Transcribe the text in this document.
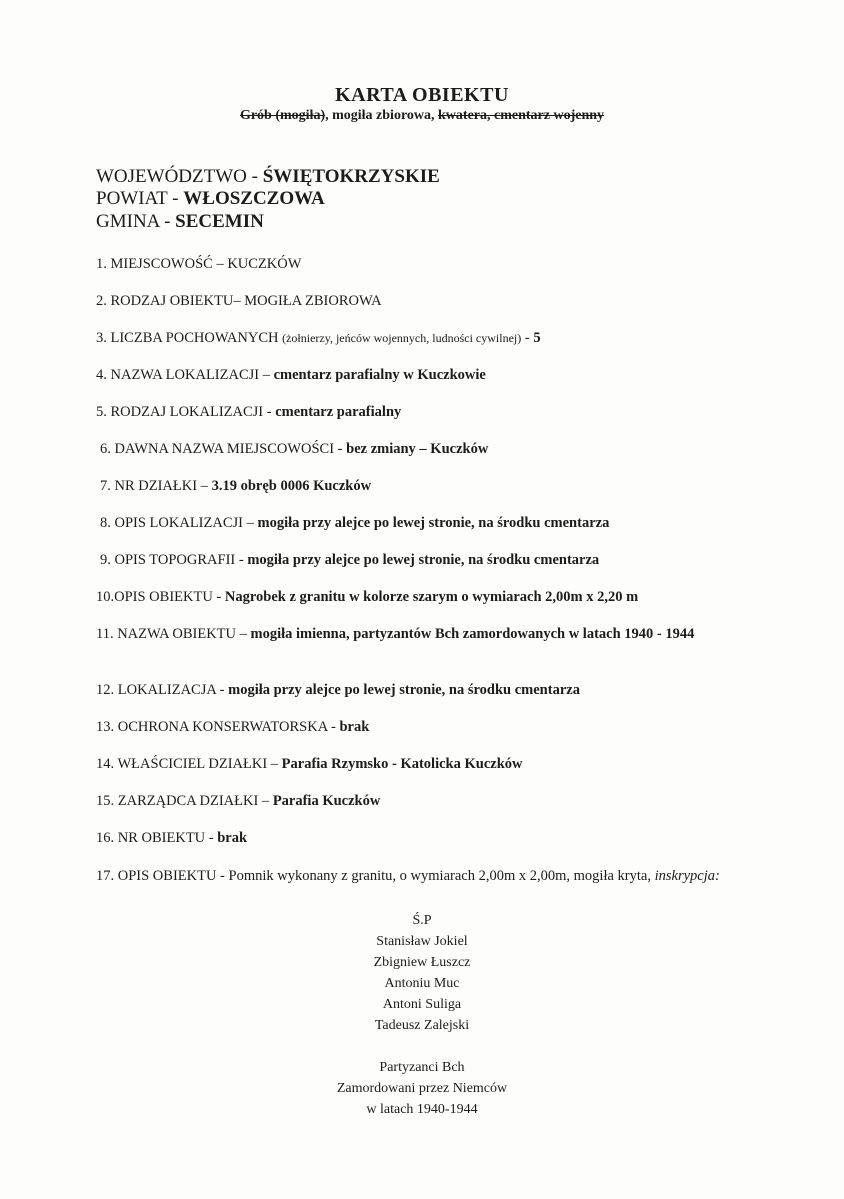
KARTA OBIEKTU
Grób (mogiła), mogiła zbiorowa, kwatera, cmentarz wojenny
WOJEWÓDZTWO - ŚWIĘTOKRZYSKIE
POWIAT - WŁOSZCZOWA
GMINA - SECEMIN
1. MIEJSCOWOŚĆ – KUCZKÓW
2. RODZAJ OBIEKTU– MOGIŁA ZBIOROWA
3. LICZBA POCHOWANYCH (żołnierzy, jeńców wojennych, ludności cywilnej) - 5
4. NAZWA LOKALIZACJI – cmentarz parafialny w Kuczkowie
5. RODZAJ LOKALIZACJI - cmentarz parafialny
6. DAWNA NAZWA MIEJSCOWOŚCI - bez zmiany – Kuczków
7. NR DZIAŁKI – 3.19 obręb 0006 Kuczków
8. OPIS LOKALIZACJI – mogiła przy alejce po lewej stronie, na środku cmentarza
9. OPIS TOPOGRAFII - mogiła przy alejce po lewej stronie, na środku cmentarza
10.OPIS OBIEKTU - Nagrobek z granitu w kolorze szarym o wymiarach 2,00m x 2,20 m
11. NAZWA OBIEKTU – mogiła imienna, partyzantów Bch zamordowanych w latach 1940 - 1944
12. LOKALIZACJA - mogiła przy alejce po lewej stronie, na środku cmentarza
13. OCHRONA KONSERWATORSKA - brak
14. WŁAŚCICIEL DZIAŁKI – Parafia Rzymsko - Katolicka Kuczków
15. ZARZĄDCA DZIAŁKI – Parafia Kuczków
16. NR OBIEKTU - brak
17. OPIS OBIEKTU - Pomnik wykonany z granitu, o wymiarach 2,00m x 2,00m, mogiła kryta, inskrypcja:
Ś.P
Stanisław Jokiel
Zbigniew Łuszcz
Antoniu Muc
Antoni Suliga
Tadeusz Zalejski
Partyzanci Bch
Zamordowani przez Niemców
w latach 1940-1944
